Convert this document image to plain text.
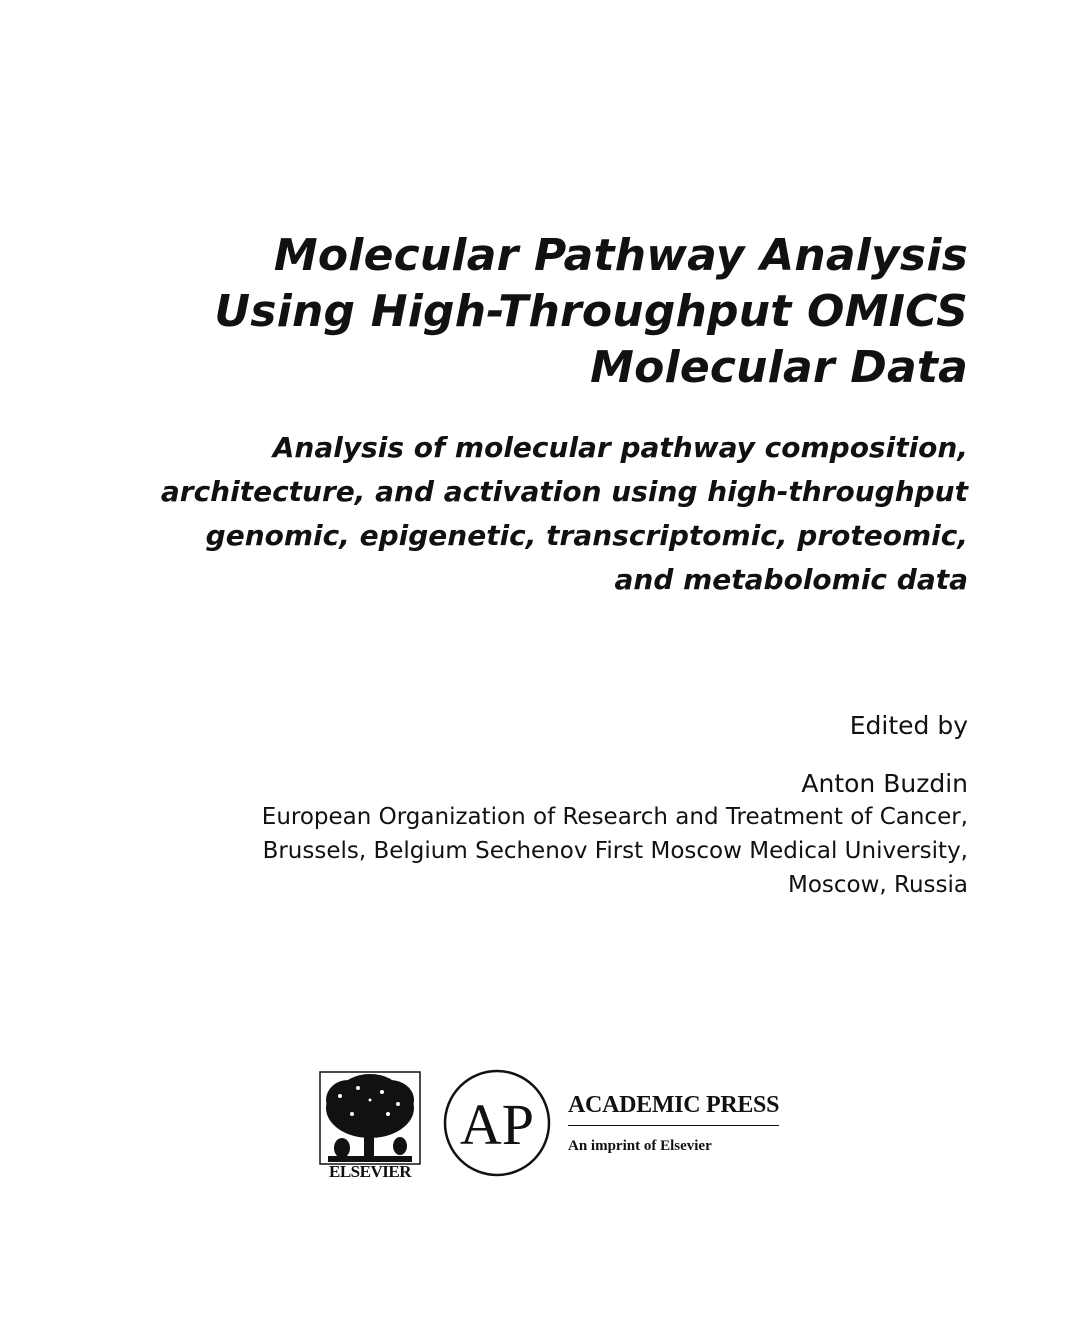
Molecular Pathway Analysis
Using High-Throughput OMICS
Molecular Data
Analysis of molecular pathway composition,
architecture, and activation using high-throughput
genomic, epigenetic, transcriptomic, proteomic,
and metabolomic data
Edited by
Anton Buzdin
European Organization of Research and Treatment of Cancer,
Brussels, Belgium Sechenov First Moscow Medical University,
Moscow, Russia
ELSEVIER
AP ACADEMIC PRESS
An imprint of Elsevier
